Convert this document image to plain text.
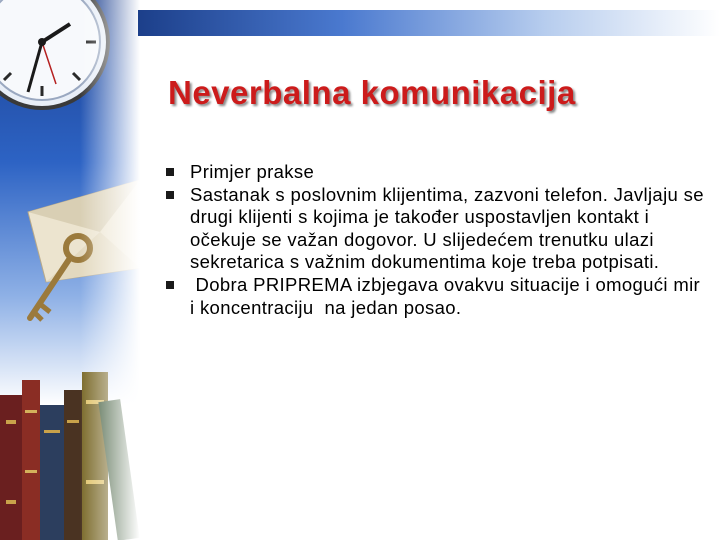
Neverbalna komunikacija
Primjer prakse
Sastanak s poslovnim klijentima, zazvoni telefon. Javljaju se drugi klijenti s kojima je također uspostavljen kontakt i očekuje se važan dogovor. U slijedećem trenutku ulazi sekretarica s važnim dokumentima koje treba potpisati.
Dobra PRIPREMA izbjegava ovakvu situacije i omogući mir i koncentraciju  na jedan posao.
